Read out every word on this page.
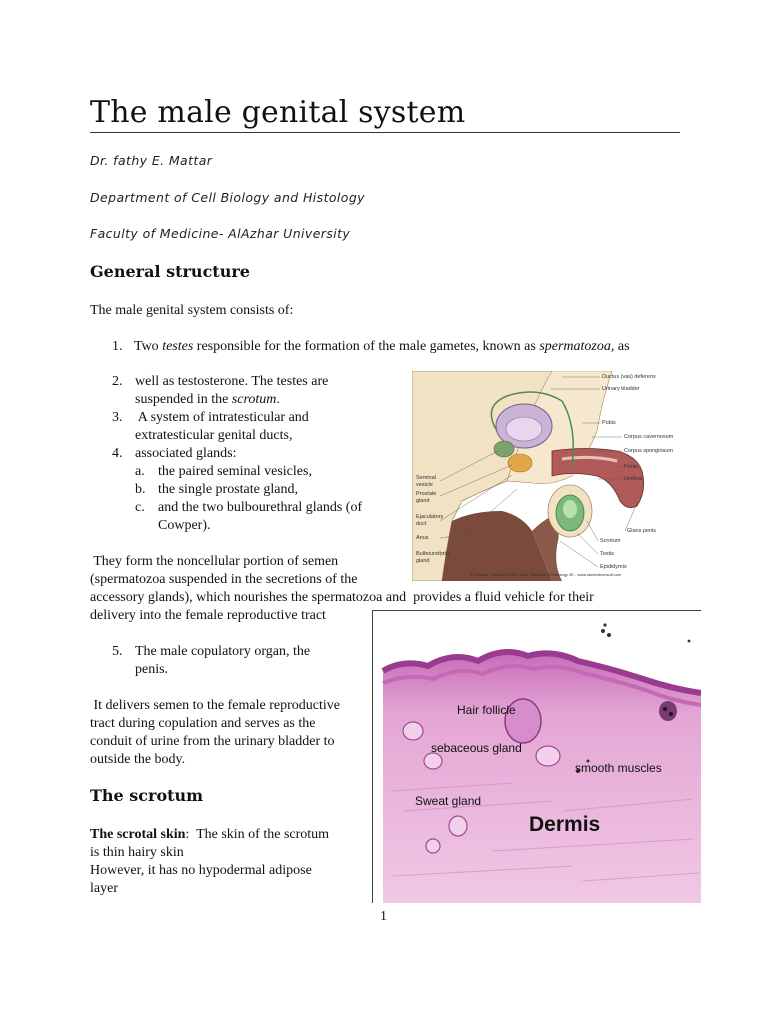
The male genital system
Dr. fathy E. Mattar
Department of Cell Biology and Histology
Faculty of Medicine- AlAzhar University
General structure
The male genital system consists of:
1. Two testes responsible for the formation of the male gametes, known as spermatozoa, as
2. well as testosterone. The testes are
suspended in the scrotum.
3. A system of intratesticular and
extratesticular genital ducts,
4. associated glands:
a. the paired seminal vesicles,
b. the single prostate gland,
c. and the two bulbourethral glands (of
Cowper).
They form the noncellular portion of semen
(spermatozoa suspended in the secretions of the
accessory glands), which nourishes the spermatozoa and  provides a fluid vehicle for their
delivery into the female reproductive tract
5. The male copulatory organ, the
penis.
It delivers semen to the female reproductive
tract during copulation and serves as the
conduit of urine from the urinary bladder to
outside the body.
The scrotum
The scrotal skin:  The skin of the scrotum
is thin hairy skin
However, it has no hypodermal adipose
layer
1
Ductus (vas) deferens
Urinary bladder
Pubis
Corpus cavernosum
Corpus spongiosum
Penis
Urethra
Glans penis
Scrotum
Testis
Epididymis
Seminal
vesicle
Prostate
gland
Ejaculatory
duct
Anus
Bulbourethral
gland
© Elsevier. Gartner & Hiatt: Color Textbook of Histology 3E - www.studentconsult.com
Hair follicle
sebaceous gland
smooth muscles
Sweat gland
Dermis
